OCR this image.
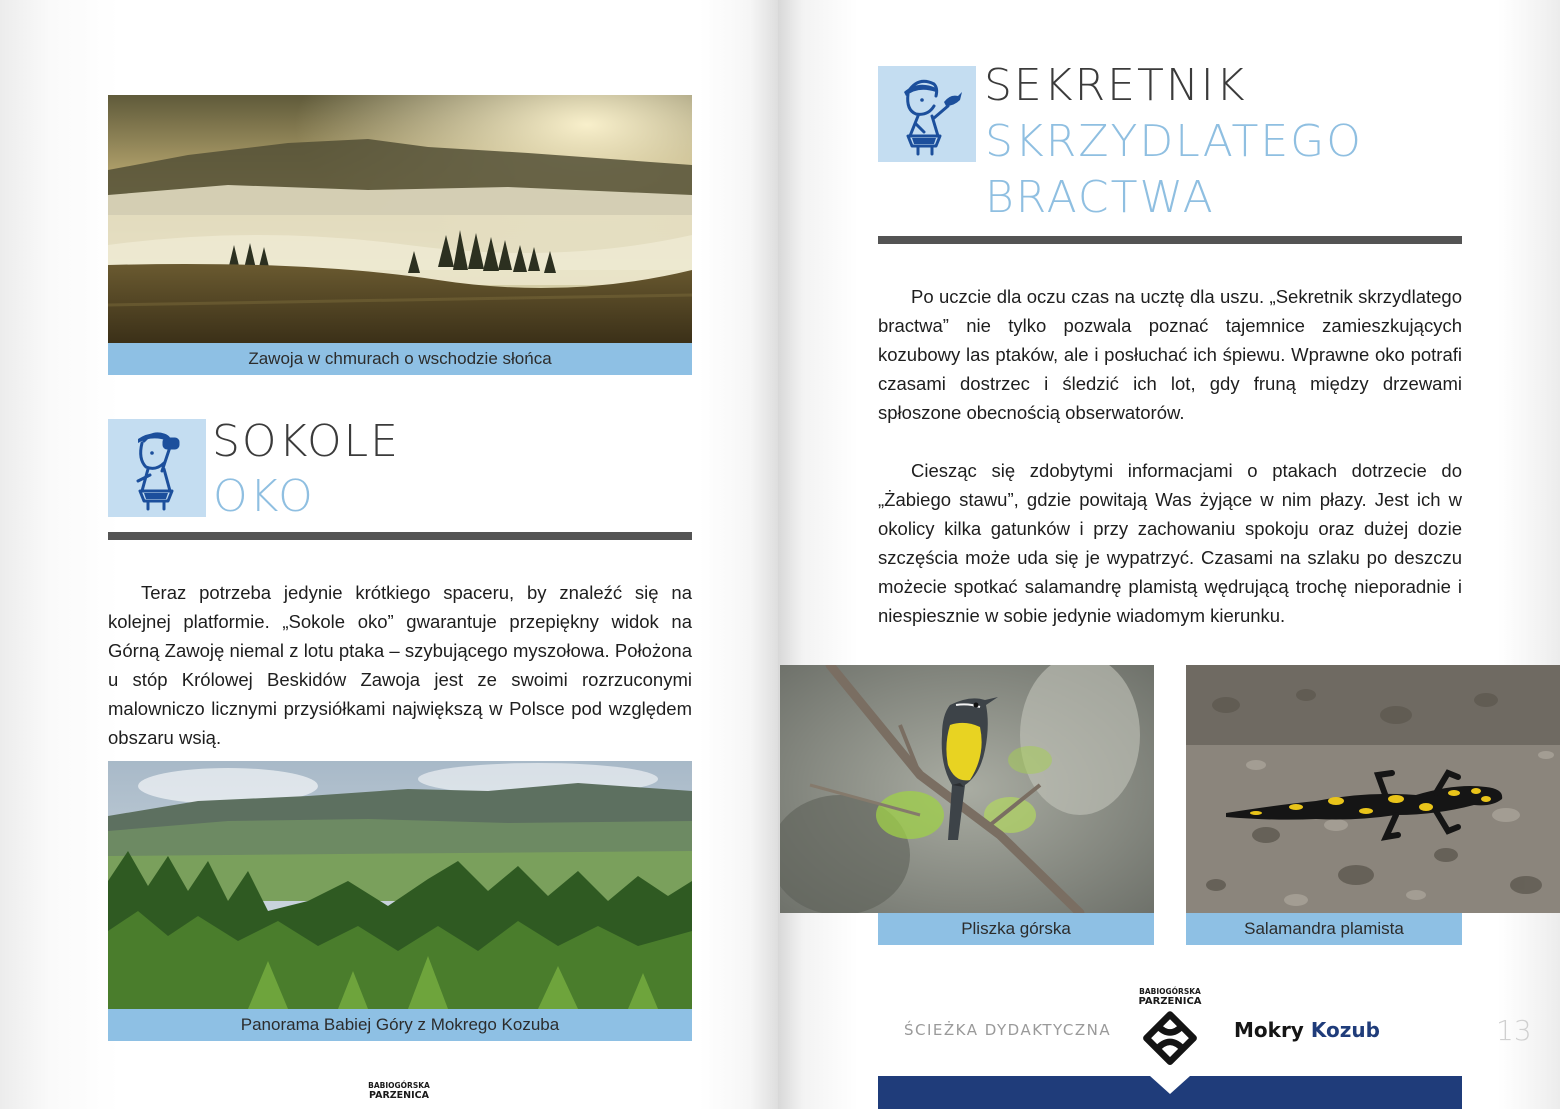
Zawoja w chmurach o wschodzie słońca
SOKOLE
OKO

Teraz potrzeba jedynie krótkiego spaceru, by znaleźć się na kolejnej platformie. „Sokole oko” gwarantuje przepiękny widok na Górną Zawoję niemal z lotu ptaka – szybującego myszołowa. Położona u stóp Królowej Beskidów Zawoja jest ze swoimi rozrzuconymi malowniczo licznymi przysiółkami największą w Polsce pod względem obszaru wsią.

Panorama Babiej Góry z Mokrego Kozuba
BABIOGÓRSKA
PARZENICA
SEKRETNIK
SKRZYDLATEGO
BRACTWA

Po uczcie dla oczu czas na ucztę dla uszu. „Sekretnik skrzydlatego bractwa” nie tylko pozwala poznać tajemnice zamieszkujących kozubowy las ptaków, ale i posłuchać ich śpiewu. Wprawne oko potrafi czasami dostrzec i śledzić ich lot, gdy fruną między drzewami spłoszone obecnością obserwatorów.

Ciesząc się zdobytymi informacjami o ptakach dotrzecie do „Żabiego stawu”, gdzie powitają Was żyjące w nim płazy. Jest ich w okolicy kilka gatunków i przy zachowaniu spokoju oraz dużej dozie szczęścia może uda się je wypatrzyć. Czasami na szlaku po deszczu możecie spotkać salamandrę plamistą wędrującą trochę nieporadnie i niespiesznie w sobie jedynie wiadomym kierunku.

Pliszka górska	Salamandra plamista
ŚCIEŻKA DYDAKTYCZNA
BABIOGÓRSKA
PARZENICA
Mokry Kozub	13
